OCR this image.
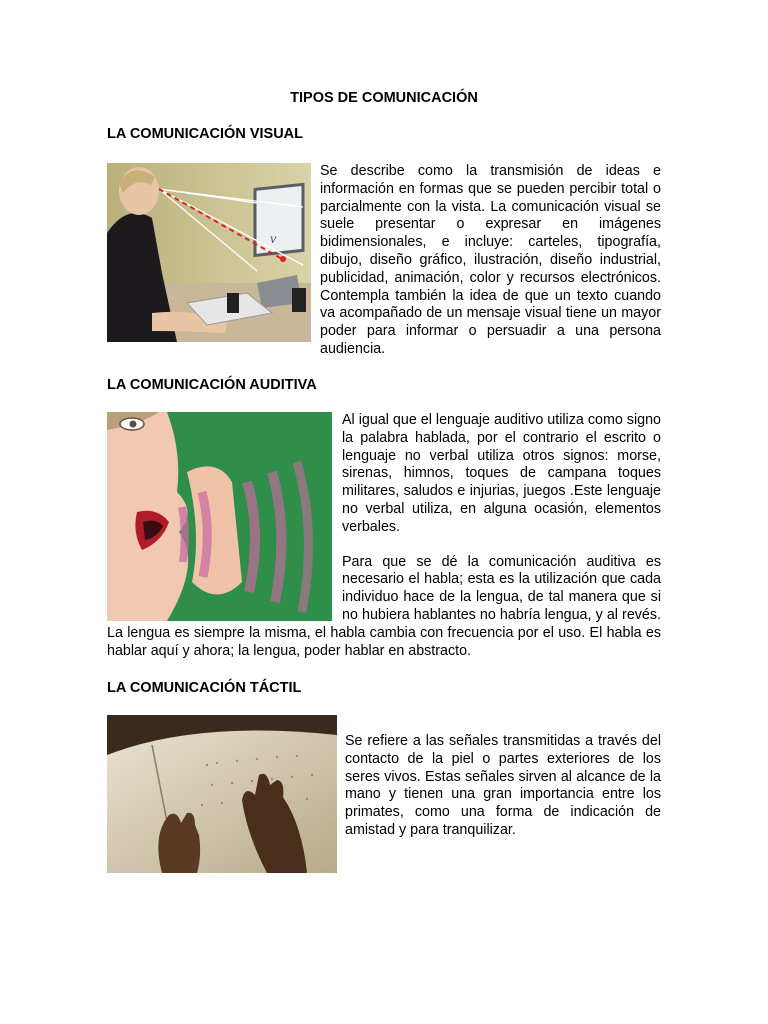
TIPOS DE COMUNICACIÓN
LA COMUNICACIÓN VISUAL
v

Se describe como la transmisión de ideas e información en formas que se pueden percibir total o parcialmente con la vista. La comunicación visual se suele presentar o expresar en imágenes bidimensionales, e incluye: carteles, tipografía, dibujo, diseño gráfico, ilustración, diseño industrial, publicidad, animación, color y recursos electrónicos. Contempla también la idea de que un texto cuando va acompañado de un mensaje visual tiene un mayor poder para informar o persuadir a una persona audiencia.

LA COMUNICACIÓN AUDITIVA

Al igual que el lenguaje auditivo utiliza como signo la palabra hablada, por el contrario el escrito o lenguaje no verbal utiliza otros signos: morse, sirenas, himnos, toques de campana toques militares, saludos e injurias, juegos .Este lenguaje no verbal utiliza, en alguna ocasión, elementos verbales.

Para que se dé la comunicación auditiva es necesario el habla; esta es la utilización que cada individuo hace de la lengua, de tal manera que si no hubiera hablantes no habría lengua, y al revés. La lengua es siempre la misma, el habla cambia con frecuencia por el uso. El habla es hablar aquí y ahora; la lengua, poder hablar en abstracto.

LA COMUNICACIÓN TÁCTIL

Se refiere a las señales transmitidas a través del contacto de la piel o partes exteriores de los seres vivos. Estas señales sirven al alcance de la mano y tienen una gran importancia entre los primates, como una forma de indicación de amistad y para tranquilizar.
